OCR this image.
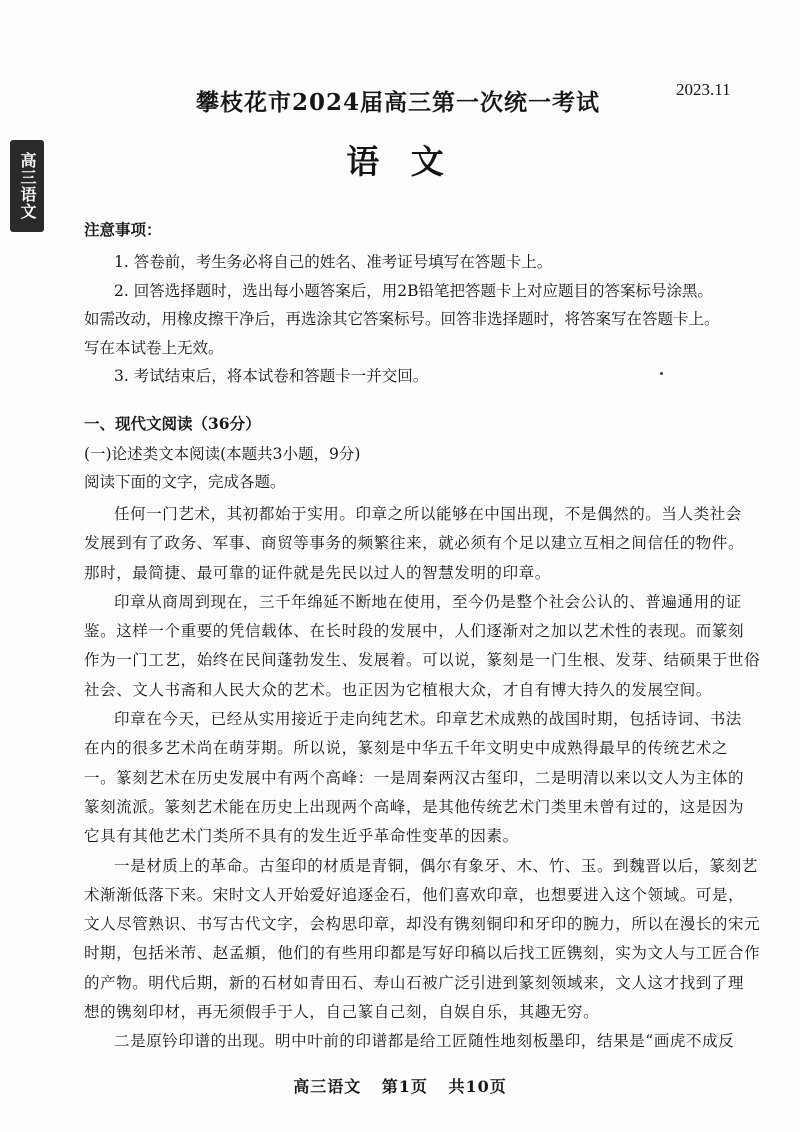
高三语文
攀枝花市2024届高三第一次统一考试	2023.11
语 文
注意事项：
1. 答卷前，考生务必将自己的姓名、准考证号填写在答题卡上。
2. 回答选择题时，选出每小题答案后，用2B铅笔把答题卡上对应题目的答案标号涂黑。
如需改动，用橡皮擦干净后，再选涂其它答案标号。回答非选择题时，将答案写在答题卡上。
写在本试卷上无效。
3. 考试结束后，将本试卷和答题卡一并交回。
一、现代文阅读（36分）
(一)论述类文本阅读(本题共3小题，9分)
阅读下面的文字，完成各题。
任何一门艺术，其初都始于实用。印章之所以能够在中国出现，不是偶然的。当人类社会
发展到有了政务、军事、商贸等事务的频繁往来，就必须有个足以建立互相之间信任的物件。
那时，最简捷、最可靠的证件就是先民以过人的智慧发明的印章。
印章从商周到现在，三千年绵延不断地在使用，至今仍是整个社会公认的、普遍通用的证
鉴。这样一个重要的凭信载体、在长时段的发展中，人们逐渐对之加以艺术性的表现。而篆刻
作为一门工艺，始终在民间蓬勃发生、发展着。可以说，篆刻是一门生根、发芽、结硕果于世俗
社会、文人书斋和人民大众的艺术。也正因为它植根大众，才自有博大持久的发展空间。
印章在今天，已经从实用接近于走向纯艺术。印章艺术成熟的战国时期，包括诗词、书法
在内的很多艺术尚在萌芽期。所以说，篆刻是中华五千年文明史中成熟得最早的传统艺术之
一。篆刻艺术在历史发展中有两个高峰：一是周秦两汉古玺印，二是明清以来以文人为主体的
篆刻流派。篆刻艺术能在历史上出现两个高峰，是其他传统艺术门类里未曾有过的，这是因为
它具有其他艺术门类所不具有的发生近乎革命性变革的因素。
一是材质上的革命。古玺印的材质是青铜，偶尔有象牙、木、竹、玉。到魏晋以后，篆刻艺
术渐渐低落下来。宋时文人开始爱好追逐金石，他们喜欢印章，也想要进入这个领域。可是，
文人尽管熟识、书写古代文字，会构思印章，却没有镌刻铜印和牙印的腕力，所以在漫长的宋元
时期，包括米芾、赵孟頫，他们的有些用印都是写好印稿以后找工匠镌刻，实为文人与工匠合作
的产物。明代后期，新的石材如青田石、寿山石被广泛引进到篆刻领域来，文人这才找到了理
想的镌刻印材，再无须假手于人，自己篆自己刻，自娱自乐，其趣无穷。
二是原钤印谱的出现。明中叶前的印谱都是给工匠随性地刻板墨印，结果是“画虎不成反
高三语文 第1页 共10页
